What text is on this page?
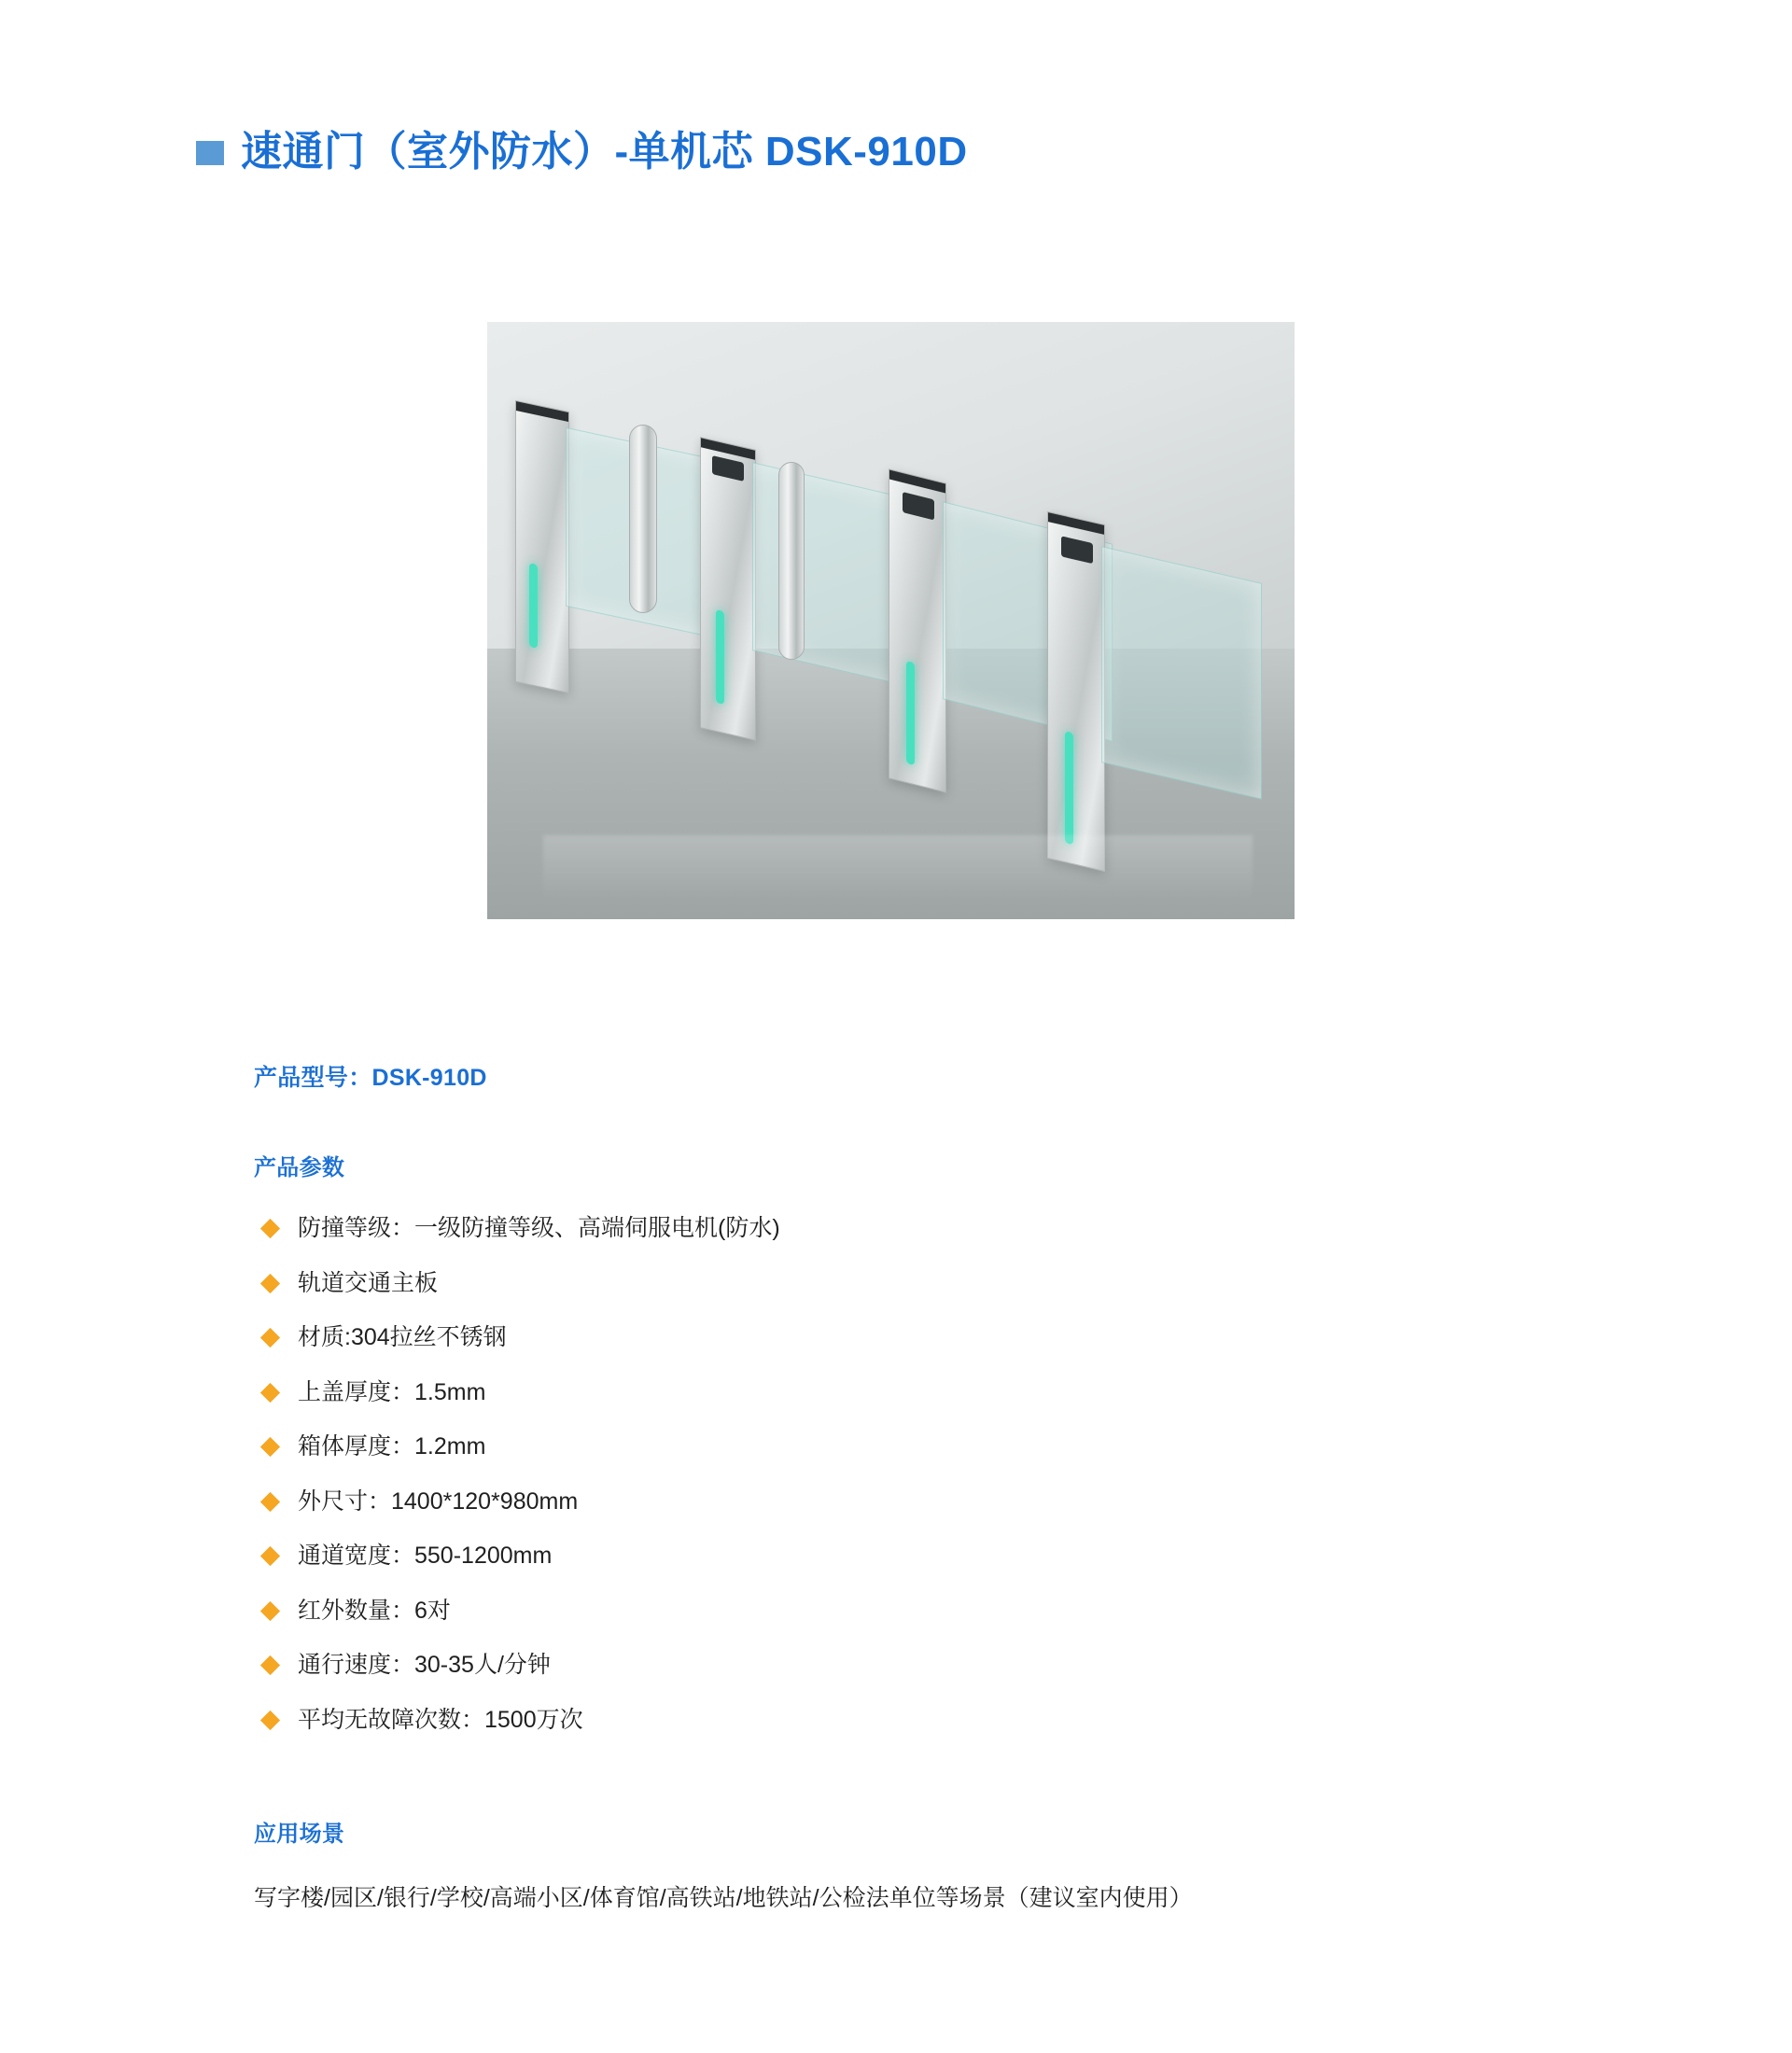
速通门（室外防水）-单机芯 DSK-910D
产品型号：DSK-910D
产品参数
防撞等级：一级防撞等级、高端伺服电机(防水)
轨道交通主板
材质:304拉丝不锈钢
上盖厚度：1.5mm
箱体厚度：1.2mm
外尺寸：1400*120*980mm
通道宽度：550-1200mm
红外数量：6对
通行速度：30-35人/分钟
平均无故障次数：1500万次
应用场景
写字楼/园区/银行/学校/高端小区/体育馆/高铁站/地铁站/公检法单位等场景（建议室内使用）
